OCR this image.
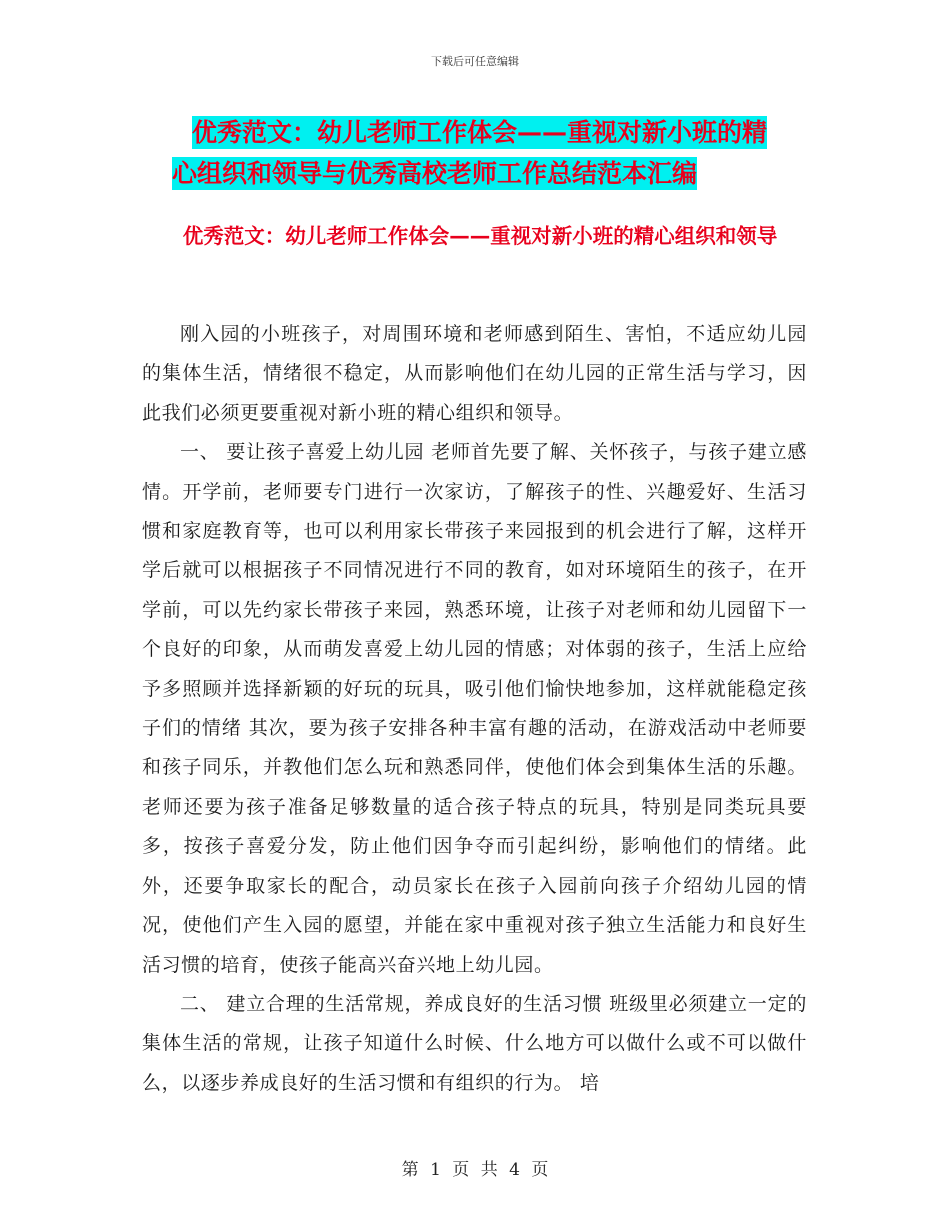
下载后可任意编辑
优秀范文：幼儿老师工作体会——重视对新小班的精
心组织和领导与优秀高校老师工作总结范本汇编
优秀范文：幼儿老师工作体会——重视对新小班的精心组织和领导

刚入园的小班孩子，对周围环境和老师感到陌生、害怕，不适应幼儿园的集体生活，情绪很不稳定，从而影响他们在幼儿园的正常生活与学习，因此我们必须更要重视对新小班的精心组织和领导。

一、 要让孩子喜爱上幼儿园 老师首先要了解、关怀孩子，与孩子建立感情。开学前，老师要专门进行一次家访，了解孩子的性、兴趣爱好、生活习惯和家庭教育等，也可以利用家长带孩子来园报到的机会进行了解，这样开学后就可以根据孩子不同情况进行不同的教育，如对环境陌生的孩子，在开学前，可以先约家长带孩子来园，熟悉环境，让孩子对老师和幼儿园留下一个良好的印象，从而萌发喜爱上幼儿园的情感；对体弱的孩子，生活上应给予多照顾并选择新颖的好玩的玩具，吸引他们愉快地参加，这样就能稳定孩子们的情绪 其次，要为孩子安排各种丰富有趣的活动，在游戏活动中老师要和孩子同乐，并教他们怎么玩和熟悉同伴，使他们体会到集体生活的乐趣。老师还要为孩子准备足够数量的适合孩子特点的玩具，特别是同类玩具要多，按孩子喜爱分发，防止他们因争夺而引起纠纷，影响他们的情绪。此外，还要争取家长的配合，动员家长在孩子入园前向孩子介绍幼儿园的情况，使他们产生入园的愿望，并能在家中重视对孩子独立生活能力和良好生活习惯的培育，使孩子能高兴奋兴地上幼儿园。

二、 建立合理的生活常规，养成良好的生活习惯 班级里必须建立一定的集体生活的常规，让孩子知道什么时候、什么地方可以做什么或不可以做什么，以逐步养成良好的生活习惯和有组织的行为。 培

第 1 页 共 4 页
